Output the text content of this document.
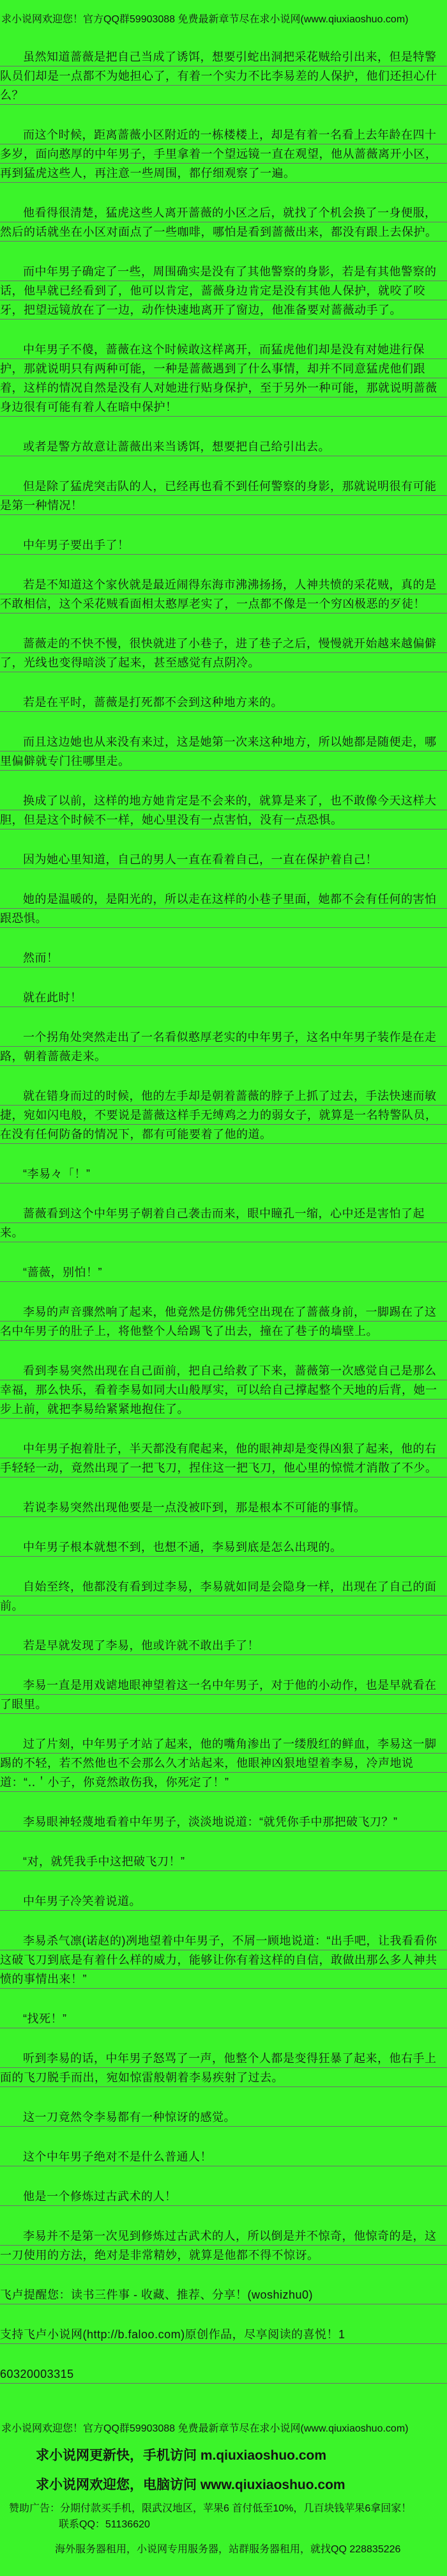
求小说网欢迎您！官方QQ群59903088 免费最新章节尽在求小说网(www.qiuxiaoshuo.com)

虽然知道蔷薇是把自己当成了诱饵，想要引蛇出洞把采花贼给引出来，但是特警队员们却是一点都不为她担心了，有着一个实力不比李易差的人保护，他们还担心什么？

而这个时候，距离蔷薇小区附近的一栋楼楼上，却是有着一名看上去年龄在四十多岁，面向憨厚的中年男子，手里拿着一个望远镜一直在观望，他从蔷薇离开小区，再到猛虎这些人，再注意一些周围，都仔细观察了一遍。

他看得很清楚，猛虎这些人离开蔷薇的小区之后，就找了个机会换了一身便服，然后的话就坐在小区对面点了一些咖啡，哪怕是看到蔷薇出来，都没有跟上去保护。

而中年男子确定了一些，周围确实是没有了其他警察的身影，若是有其他警察的话，他早就已经看到了，他可以肯定，蔷薇身边肯定是没有其他人保护，就咬了咬牙，把望远镜放在了一边，动作快速地离开了窗边，他准备要对蔷薇动手了。

中年男子不傻，蔷薇在这个时候敢这样离开，而猛虎他们却是没有对她进行保护，那就说明只有两种可能，一种是蔷薇遇到了什么事情，却并不同意猛虎他们跟着，这样的情况自然是没有人对她进行贴身保护，至于另外一种可能，那就说明蔷薇身边很有可能有着人在暗中保护！

或者是警方故意让蔷薇出来当诱饵，想要把自己给引出去。

但是除了猛虎突击队的人，已经再也看不到任何警察的身影，那就说明很有可能是第一种情况！

中年男子要出手了！

若是不知道这个家伙就是最近闹得东海市沸沸扬扬，人神共愤的采花贼，真的是不敢相信，这个采花贼看面相太憨厚老实了，一点都不像是一个穷凶极恶的歹徒！

蔷薇走的不快不慢，很快就进了小巷子，进了巷子之后，慢慢就开始越来越偏僻了，光线也变得暗淡了起来，甚至感觉有点阴冷。

若是在平时，蔷薇是打死都不会到这种地方来的。

而且这边她也从来没有来过，这是她第一次来这种地方，所以她都是随便走，哪里偏僻就专门往哪里走。

换成了以前，这样的地方她肯定是不会来的，就算是来了，也不敢像今天这样大胆，但是这个时候不一样，她心里没有一点害怕，没有一点恐惧。

因为她心里知道，自己的男人一直在看着自己，一直在保护着自己！

她的是温暖的，是阳光的，所以走在这样的小巷子里面，她都不会有任何的害怕跟恐惧。

然而！

就在此时！

一个拐角处突然走出了一名看似憨厚老实的中年男子，这名中年男子装作是在走路，朝着蔷薇走来。

就在错身而过的时候，他的左手却是朝着蔷薇的脖子上抓了过去，手法快速而敏捷，宛如闪电般，不要说是蔷薇这样手无缚鸡之力的弱女子，就算是一名特警队员，在没有任何防备的情况下，都有可能要着了他的道。

“李易々「！”

蔷薇看到这个中年男子朝着自己袭击而来，眼中瞳孔一缩，心中还是害怕了起来。

“蔷薇，别怕！”

李易的声音骤然响了起来，他竟然是仿佛凭空出现在了蔷薇身前，一脚踢在了这名中年男子的肚子上，将他整个人给踢飞了出去，撞在了巷子的墙壁上。

看到李易突然出现在自己面前，把自己给救了下来，蔷薇第一次感觉自己是那么幸福，那么快乐，看着李易如同大山般厚实，可以给自己撑起整个天地的后背，她一步上前，就把李易给紧紧地抱住了。

中年男子抱着肚子，半天都没有爬起来，他的眼神却是变得凶狠了起来，他的右手轻轻一动，竟然出现了一把飞刀，捏住这一把飞刀，他心里的惊慌才消散了不少。

若说李易突然出现他要是一点没被吓到，那是根本不可能的事情。

中年男子根本就想不到，也想不通，李易到底是怎么出现的。

自始至终，他都没有看到过李易，李易就如同是会隐身一样，出现在了自己的面前。

若是早就发现了李易，他或许就不敢出手了！

李易一直是用戏谑地眼神望着这一名中年男子，对于他的小动作，也是早就看在了眼里。

过了片刻，中年男子才站了起来，他的嘴角渗出了一缕殷红的鲜血，李易这一脚踢的不轻，若不然他也不会那么久才站起来，他眼神凶狠地望着李易，冷声地说道：“‥＇小子，你竟然敢伤我，你死定了！”

李易眼神轻蔑地看着中年男子，淡淡地说道：“就凭你手中那把破飞刀？”

“对，就凭我手中这把破飞刀！”

中年男子冷笑着说道。

李易杀气凛(诺赵的)冽地望着中年男子，不屑一顾地说道：“出手吧，让我看看你这破飞刀到底是有着什么样的威力，能够让你有着这样的自信，敢做出那么多人神共愤的事情出来！”

“找死！”

听到李易的话，中年男子怒骂了一声，他整个人都是变得狂暴了起来，他右手上面的飞刀脱手而出，宛如惊雷般朝着李易疾射了过去。

这一刀竟然令李易都有一种惊讶的感觉。

这个中年男子绝对不是什么普通人！

他是一个修炼过古武术的人！

李易并不是第一次见到修炼过古武术的人，所以倒是并不惊奇，他惊奇的是，这一刀使用的方法，绝对是非常精妙，就算是他都不得不惊讶。

飞卢提醒您：读书三件事 - 收藏、推荐、分享！(woshizhu0)

支持飞卢小说网(http://b.faloo.com)原创作品，尽享阅读的喜悦！1

60320003315

求小说网欢迎您！官方QQ群59903088 免费最新章节尽在求小说网(www.qiuxiaoshuo.com)
求小说网更新快，手机访问 m.qiuxiaoshuo.com
求小说网欢迎您，电脑访问 www.qiuxiaoshuo.com
赞助广告：分期付款买手机，限武汉地区，苹果6 首付低至10%，几百块钱苹果6拿回家！
联系QQ：51136620
海外服务器租用，小说网专用服务器，站群服务器租用，就找QQ 228835226
